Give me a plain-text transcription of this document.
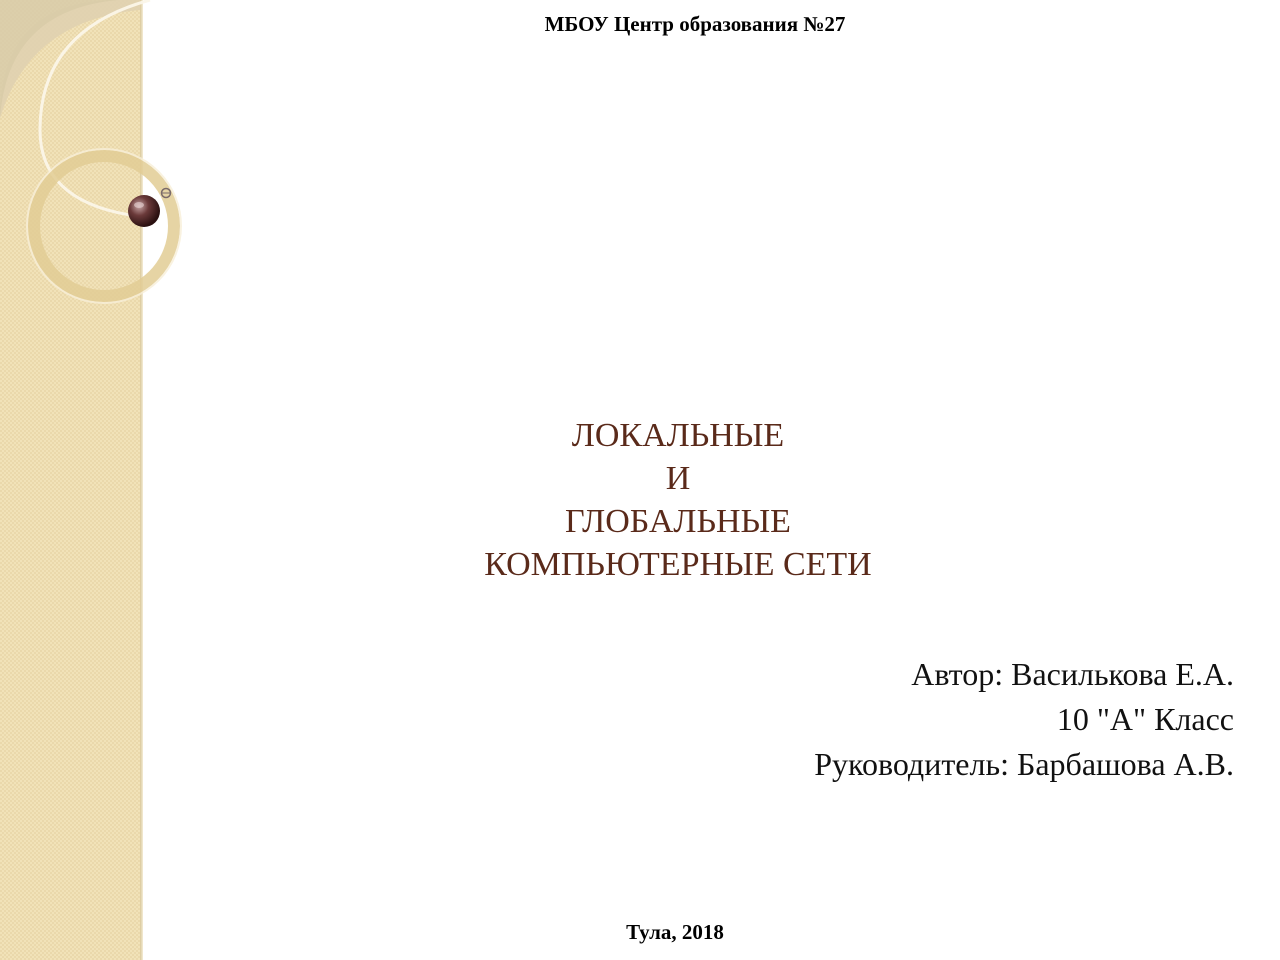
МБОУ Центр образования №27
ЛОКАЛЬНЫЕ
И
ГЛОБАЛЬНЫЕ
КОМПЬЮТЕРНЫЕ СЕТИ
Автор: Василькова Е.А.
10 "А" Класс
Руководитель: Барбашова А.В.
Тула, 2018
